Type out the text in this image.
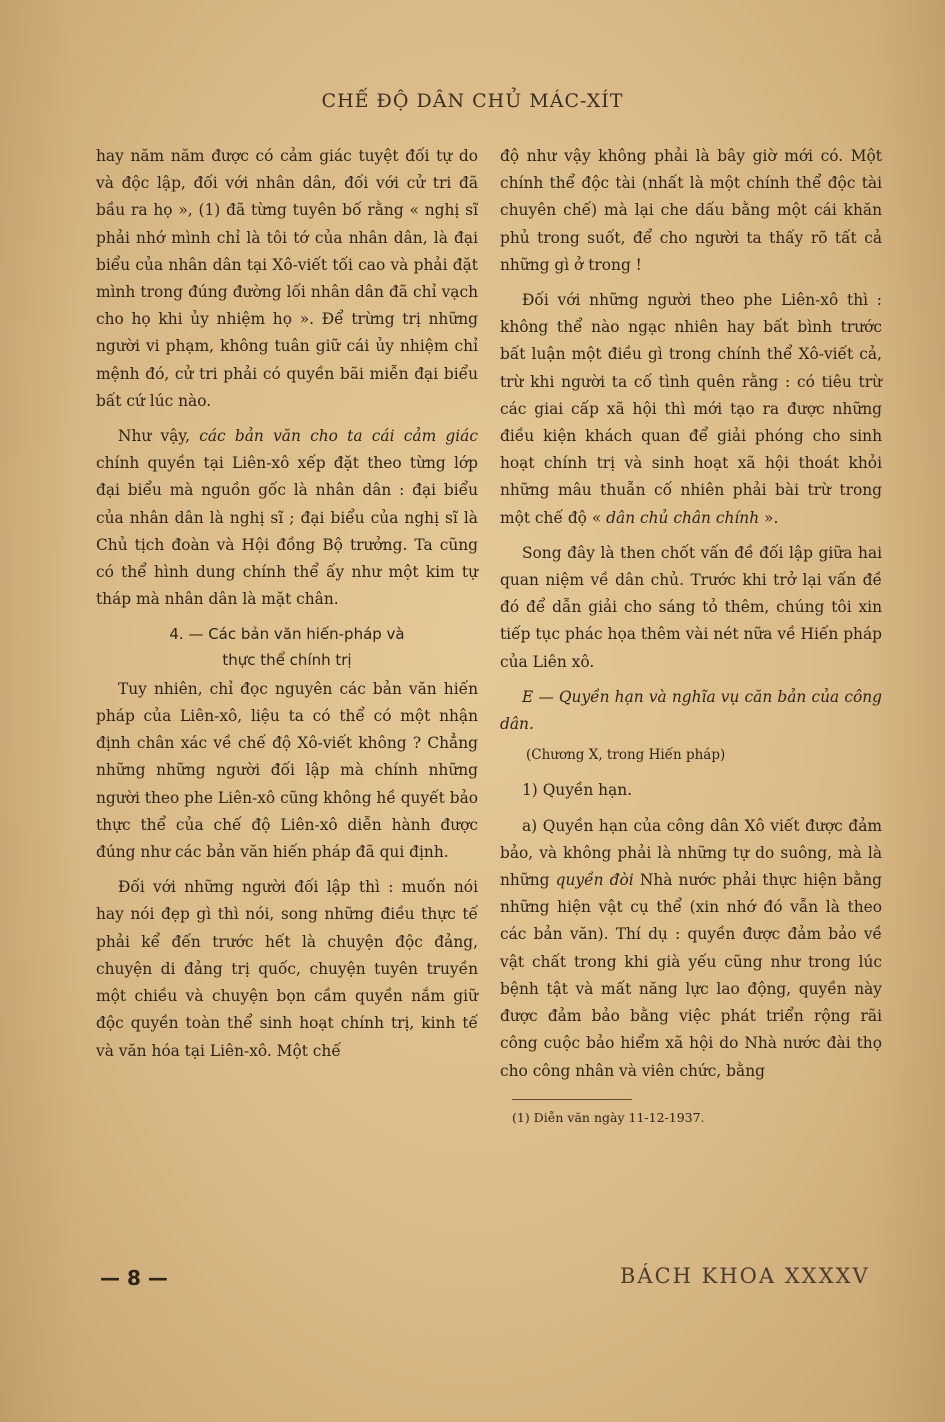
CHẾ ĐỘ DÂN CHỦ MÁC-XÍT

hay năm năm được có cảm giác tuyệt đối tự do và độc lập, đối với nhân dân, đối với cử tri đã bầu ra họ », (1) đã từng tuyên bố rằng « nghị sĩ phải nhớ mình chỉ là tôi tớ của nhân dân, là đại biểu của nhân dân tại Xô-viết tối cao và phải đặt mình trong đúng đường lối nhân dân đã chỉ vạch cho họ khi ủy nhiệm họ ». Để trừng trị những người vi phạm, không tuân giữ cái ủy nhiệm chỉ mệnh đó, cử tri phải có quyền bãi miễn đại biểu bất cứ lúc nào.

Như vậy, các bản văn cho ta cái cảm giác chính quyền tại Liên-xô xếp đặt theo từng lớp đại biểu mà nguồn gốc là nhân dân : đại biểu của nhân dân là nghị sĩ ; đại biểu của nghị sĩ là Chủ tịch đoàn và Hội đồng Bộ trưởng. Ta cũng có thể hình dung chính thể ấy như một kim tự tháp mà nhân dân là mặt chân.

4. — Các bản văn hiến-pháp và

thực thể chính trị

Tuy nhiên, chỉ đọc nguyên các bản văn hiến pháp của Liên-xô, liệu ta có thể có một nhận định chân xác về chế độ Xô-viết không ? Chẳng những những người đối lập mà chính những người theo phe Liên-xô cũng không hề quyết bảo thực thể của chế độ Liên-xô diễn hành được đúng như các bản văn hiến pháp đã qui định.

Đối với những người đối lập thì : muốn nói hay nói đẹp gì thì nói, song những điều thực tế phải kể đến trước hết là chuyện độc đảng, chuyện di đảng trị quốc, chuyện tuyên truyền một chiều và chuyện bọn cầm quyền nắm giữ độc quyền toàn thể sinh hoạt chính trị, kinh tế và văn hóa tại Liên-xô. Một chế

độ như vậy không phải là bây giờ mới có. Một chính thể độc tài (nhất là một chính thể độc tài chuyên chế) mà lại che dấu bằng một cái khăn phủ trong suốt, để cho người ta thấy rõ tất cả những gì ở trong !

Đối với những người theo phe Liên-xô thì : không thể nào ngạc nhiên hay bất bình trước bất luận một điều gì trong chính thể Xô-viết cả, trừ khi người ta cố tình quên rằng : có tiêu trừ các giai cấp xã hội thì mới tạo ra được những điều kiện khách quan để giải phóng cho sinh hoạt chính trị và sinh hoạt xã hội thoát khỏi những mâu thuẫn cố nhiên phải bài trừ trong một chế độ « dân chủ chân chính ».

Song đây là then chốt vấn đề đối lập giữa hai quan niệm về dân chủ. Trước khi trở lại vấn đề đó để dẫn giải cho sáng tỏ thêm, chúng tôi xin tiếp tục phác họa thêm vài nét nữa về Hiến pháp của Liên xô.

E — Quyền hạn và nghĩa vụ căn bản của công dân.

(Chương X, trong Hiến pháp)

1) Quyền hạn.

a) Quyền hạn của công dân Xô viết được đảm bảo, và không phải là những tự do suông, mà là những quyền đòi Nhà nước phải thực hiện bằng những hiện vật cụ thể (xin nhớ đó vẫn là theo các bản văn). Thí dụ : quyền được đảm bảo về vật chất trong khi già yếu cũng như trong lúc bệnh tật và mất năng lực lao động, quyền này được đảm bảo bằng việc phát triển rộng rãi công cuộc bảo hiểm xã hội do Nhà nước đài thọ cho công nhân và viên chức, bằng

(1) Diễn văn ngày 11-12-1937.
— 8 —	BÁCH KHOA XXXXV
